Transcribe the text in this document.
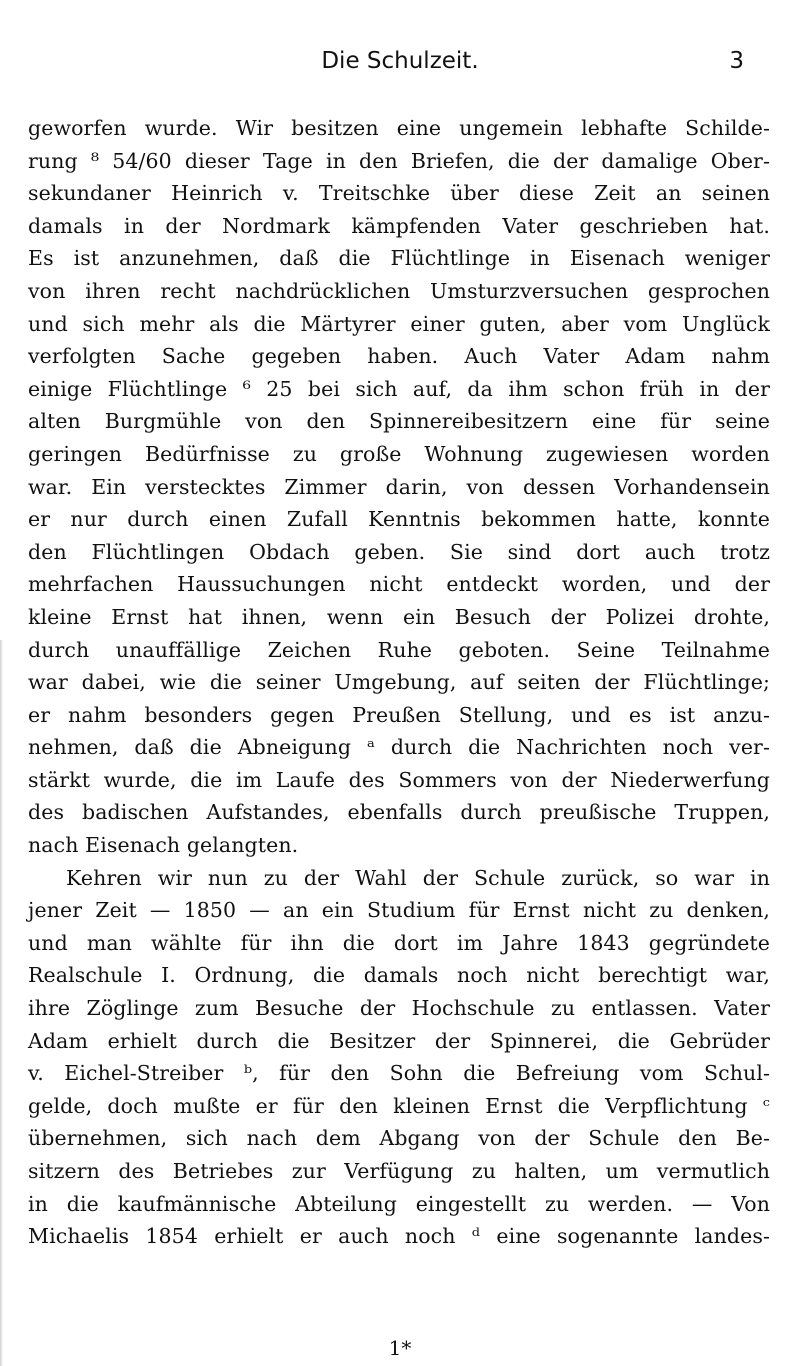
Die Schulzeit.	3
geworfen wurde. Wir besitzen eine ungemein lebhafte Schilde-
rung ⁸ 54/60 dieser Tage in den Briefen, die der damalige Ober-
sekundaner Heinrich v. Treitschke über diese Zeit an seinen
damals in der Nordmark kämpfenden Vater geschrieben hat.
Es ist anzunehmen, daß die Flüchtlinge in Eisenach weniger
von ihren recht nachdrücklichen Umsturzversuchen gesprochen
und sich mehr als die Märtyrer einer guten, aber vom Unglück
verfolgten Sache gegeben haben. Auch Vater Adam nahm
einige Flüchtlinge ⁶ 25 bei sich auf, da ihm schon früh in der
alten Burgmühle von den Spinnereibesitzern eine für seine
geringen Bedürfnisse zu große Wohnung zugewiesen worden
war. Ein verstecktes Zimmer darin, von dessen Vorhandensein
er nur durch einen Zufall Kenntnis bekommen hatte, konnte
den Flüchtlingen Obdach geben. Sie sind dort auch trotz
mehrfachen Haussuchungen nicht entdeckt worden, und der
kleine Ernst hat ihnen, wenn ein Besuch der Polizei drohte,
durch unauffällige Zeichen Ruhe geboten. Seine Teilnahme
war dabei, wie die seiner Umgebung, auf seiten der Flüchtlinge;
er nahm besonders gegen Preußen Stellung, und es ist anzu-
nehmen, daß die Abneigung ᵃ durch die Nachrichten noch ver-
stärkt wurde, die im Laufe des Sommers von der Niederwerfung
des badischen Aufstandes, ebenfalls durch preußische Truppen,
nach Eisenach gelangten.
Kehren wir nun zu der Wahl der Schule zurück, so war in
jener Zeit — 1850 — an ein Studium für Ernst nicht zu denken,
und man wählte für ihn die dort im Jahre 1843 gegründete
Realschule I. Ordnung, die damals noch nicht berechtigt war,
ihre Zöglinge zum Besuche der Hochschule zu entlassen. Vater
Adam erhielt durch die Besitzer der Spinnerei, die Gebrüder
v. Eichel-Streiber ᵇ, für den Sohn die Befreiung vom Schul-
gelde, doch mußte er für den kleinen Ernst die Verpflichtung ᶜ
übernehmen, sich nach dem Abgang von der Schule den Be-
sitzern des Betriebes zur Verfügung zu halten, um vermutlich
in die kaufmännische Abteilung eingestellt zu werden. — Von
Michaelis 1854 erhielt er auch noch ᵈ eine sogenannte landes-
1*
